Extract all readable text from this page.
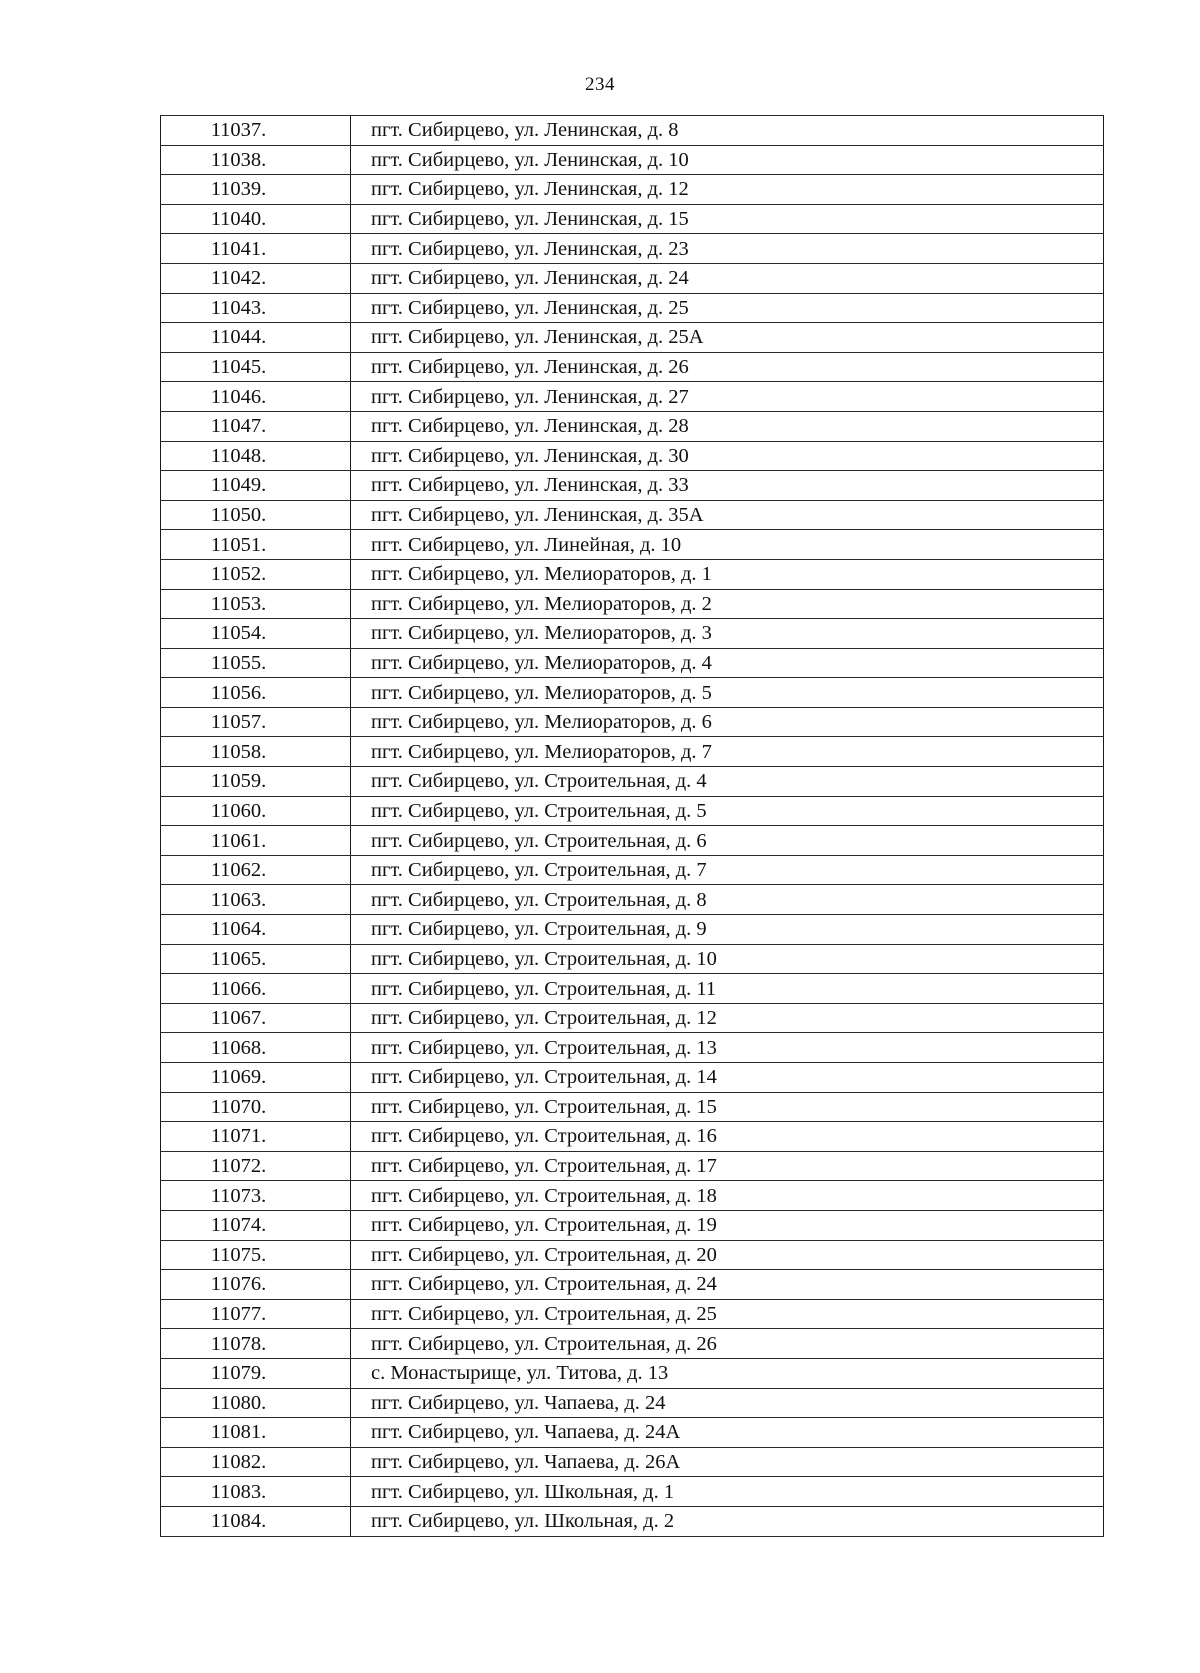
234
11037.	пгт. Сибирцево, ул. Ленинская, д. 8
11038.	пгт. Сибирцево, ул. Ленинская, д. 10
11039.	пгт. Сибирцево, ул. Ленинская, д. 12
11040.	пгт. Сибирцево, ул. Ленинская, д. 15
11041.	пгт. Сибирцево, ул. Ленинская, д. 23
11042.	пгт. Сибирцево, ул. Ленинская, д. 24
11043.	пгт. Сибирцево, ул. Ленинская, д. 25
11044.	пгт. Сибирцево, ул. Ленинская, д. 25А
11045.	пгт. Сибирцево, ул. Ленинская, д. 26
11046.	пгт. Сибирцево, ул. Ленинская, д. 27
11047.	пгт. Сибирцево, ул. Ленинская, д. 28
11048.	пгт. Сибирцево, ул. Ленинская, д. 30
11049.	пгт. Сибирцево, ул. Ленинская, д. 33
11050.	пгт. Сибирцево, ул. Ленинская, д. 35А
11051.	пгт. Сибирцево, ул. Линейная, д. 10
11052.	пгт. Сибирцево, ул. Мелиораторов, д. 1
11053.	пгт. Сибирцево, ул. Мелиораторов, д. 2
11054.	пгт. Сибирцево, ул. Мелиораторов, д. 3
11055.	пгт. Сибирцево, ул. Мелиораторов, д. 4
11056.	пгт. Сибирцево, ул. Мелиораторов, д. 5
11057.	пгт. Сибирцево, ул. Мелиораторов, д. 6
11058.	пгт. Сибирцево, ул. Мелиораторов, д. 7
11059.	пгт. Сибирцево, ул. Строительная, д. 4
11060.	пгт. Сибирцево, ул. Строительная, д. 5
11061.	пгт. Сибирцево, ул. Строительная, д. 6
11062.	пгт. Сибирцево, ул. Строительная, д. 7
11063.	пгт. Сибирцево, ул. Строительная, д. 8
11064.	пгт. Сибирцево, ул. Строительная, д. 9
11065.	пгт. Сибирцево, ул. Строительная, д. 10
11066.	пгт. Сибирцево, ул. Строительная, д. 11
11067.	пгт. Сибирцево, ул. Строительная, д. 12
11068.	пгт. Сибирцево, ул. Строительная, д. 13
11069.	пгт. Сибирцево, ул. Строительная, д. 14
11070.	пгт. Сибирцево, ул. Строительная, д. 15
11071.	пгт. Сибирцево, ул. Строительная, д. 16
11072.	пгт. Сибирцево, ул. Строительная, д. 17
11073.	пгт. Сибирцево, ул. Строительная, д. 18
11074.	пгт. Сибирцево, ул. Строительная, д. 19
11075.	пгт. Сибирцево, ул. Строительная, д. 20
11076.	пгт. Сибирцево, ул. Строительная, д. 24
11077.	пгт. Сибирцево, ул. Строительная, д. 25
11078.	пгт. Сибирцево, ул. Строительная, д. 26
11079.	с. Монастырище, ул. Титова, д. 13
11080.	пгт. Сибирцево, ул. Чапаева, д. 24
11081.	пгт. Сибирцево, ул. Чапаева, д. 24А
11082.	пгт. Сибирцево, ул. Чапаева, д. 26А
11083.	пгт. Сибирцево, ул. Школьная, д. 1
11084.	пгт. Сибирцево, ул. Школьная, д. 2
